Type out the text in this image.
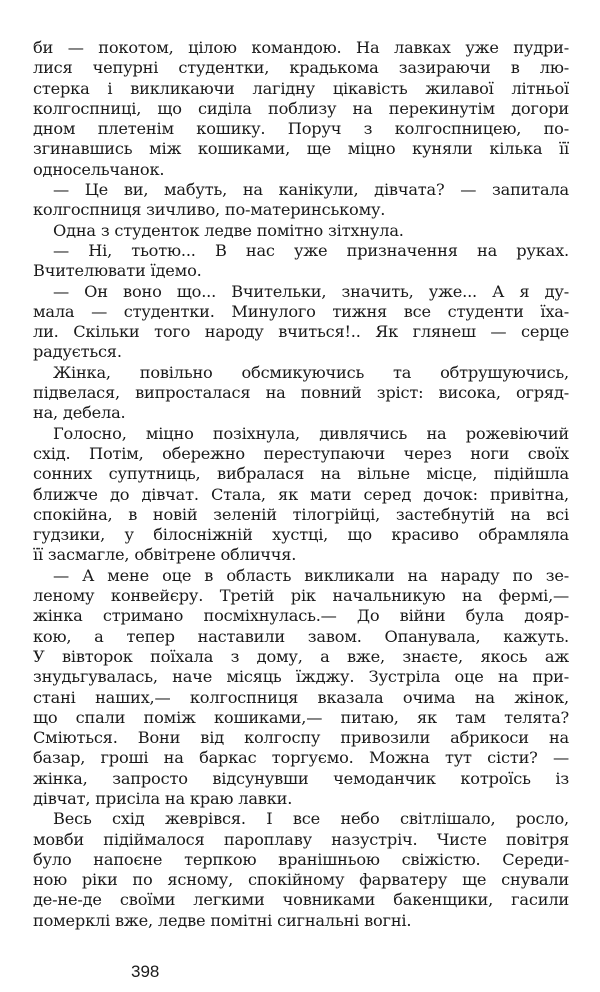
би — покотом, цілою командою. На лавках уже пудри-
лися чепурні студентки, крадькома зазираючи в лю-
стерка і викликаючи лагідну цікавість жилавої літньої
колгоспниці, що сиділа поблизу на перекинутім догори
дном плетенім кошику. Поруч з колгоспницею, по-
згинавшись між кошиками, ще міцно куняли кілька її
односельчанок.
— Це ви, мабуть, на канікули, дівчата? — запитала
колгоспниця зичливо, по-материнському.
Одна з студенток ледве помітно зітхнула.
— Ні, тьотю... В нас уже призначення на руках.
Вчителювати їдемо.
— Он воно що... Вчительки, значить, уже... А я ду-
мала — студентки. Минулого тижня все студенти їха-
ли. Скільки того народу вчиться!.. Як глянеш — серце
радується.
Жінка, повільно обсмикуючись та обтрушуючись,
підвелася, випросталася на повний зріст: висока, огряд-
на, дебела.
Голосно, міцно позіхнула, дивлячись на рожевіючий
схід. Потім, обережно переступаючи через ноги своїх
сонних супутниць, вибралася на вільне місце, підійшла
ближче до дівчат. Стала, як мати серед дочок: привітна,
спокійна, в новій зеленій тілогрійці, застебнутій на всі
гудзики, у білосніжній хустці, що красиво обрамляла
її засмагле, обвітрене обличчя.
— А мене оце в область викликали на нараду по зе-
леному конвейєру. Третій рік начальникую на фермі,—
жінка стримано посміхнулась.— До війни була дояр-
кою, а тепер наставили завом. Опанувала, кажуть.
У вівторок поїхала з дому, а вже, знаєте, якось аж
знудьгувалась, наче місяць їжджу. Зустріла оце на при-
стані наших,— колгоспниця вказала очима на жінок,
що спали поміж кошиками,— питаю, як там телята?
Сміються. Вони від колгоспу привозили абрикоси на
базар, гроші на баркас торгуємо. Можна тут сісти? —
жінка, запросто відсунувши чемоданчик котроїсь із
дівчат, присіла на краю лавки.
Весь схід жеврівся. І все небо світлішало, росло,
мовби підіймалося пароплаву назустріч. Чисте повітря
було напоєне терпкою вранішньою свіжістю. Середи-
ною ріки по ясному, спокійному фарватеру ще снували
де-не-де своїми легкими човниками бакенщики, гасили
померклі вже, ледве помітні сигнальні вогні.
398
